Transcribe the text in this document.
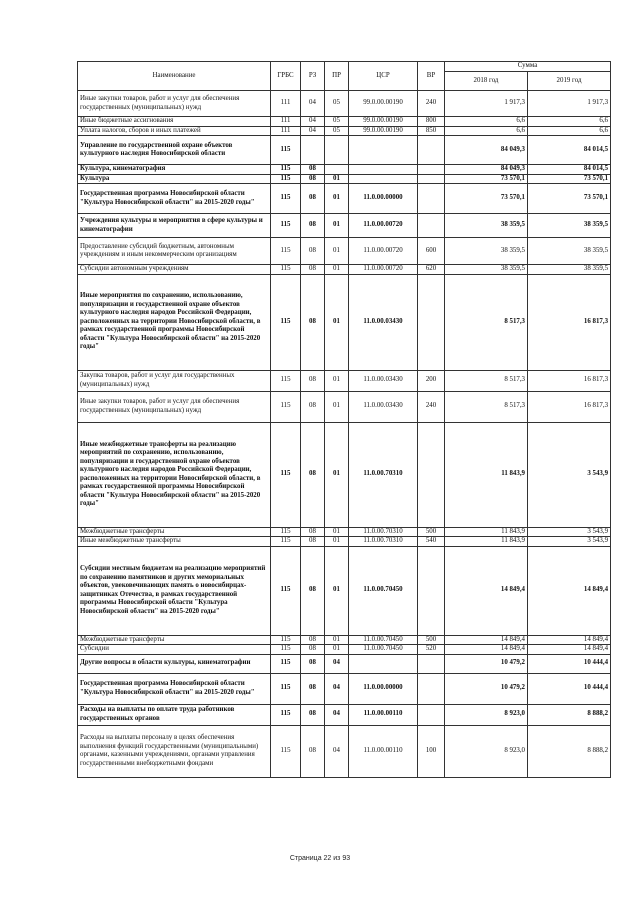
Наименование	ГРБС	РЗ	ПР	ЦСР	ВР	Сумма	
						2018 год	2019 год
Иные закупки товаров, работ и услуг для обеспечения государственных (муниципальных) нужд	111	04	05	99.0.00.00190	240	1 917,3	1 917,3
Иные бюджетные ассигнования	111	04	05	99.0.00.00190	800	6,6	6,6
Уплата налогов, сборов и иных платежей	111	04	05	99.0.00.00190	850	6,6	6,6
Управление по государственной охране объектов культурного наследия Новосибирской области	115					84 049,3	84 014,5
Культура, кинематография	115	08				84 049,3	84 014,5
Культура	115	08	01			73 570,1	73 570,1
Государственная программа Новосибирской области "Культура Новосибирской области" на 2015-2020 годы"	115	08	01	11.0.00.00000		73 570,1	73 570,1
Учреждения культуры и мероприятия в сфере культуры и кинематографии	115	08	01	11.0.00.00720		38 359,5	38 359,5
Предоставление субсидий бюджетным, автономным учреждениям и иным некоммерческим организациям	115	08	01	11.0.00.00720	600	38 359,5	38 359,5
Субсидии автономным учреждениям	115	08	01	11.0.00.00720	620	38 359,5	38 359,5
Иные мероприятия по сохранению, использованию, популяризации и государственной охране объектов культурного наследия народов Российской Федерации, расположенных на территории Новосибирской области, в рамках государственной программы Новосибирской области "Культура Новосибирской области" на 2015-2020 годы"	115	08	01	11.0.00.03430		8 517,3	16 817,3
Закупка товаров, работ и услуг для государственных (муниципальных) нужд	115	08	01	11.0.00.03430	200	8 517,3	16 817,3
Иные закупки товаров, работ и услуг для обеспечения государственных (муниципальных) нужд	115	08	01	11.0.00.03430	240	8 517,3	16 817,3
Иные межбюджетные трансферты на реализацию мероприятий по сохранению, использованию, популяризации и государственной охране объектов культурного наследия народов Российской Федерации, расположенных на территории Новосибирской области, в рамках государственной программы Новосибирской области "Культура Новосибирской области" на 2015-2020 годы"	115	08	01	11.0.00.70310		11 843,9	3 543,9
Межбюджетные трансферты	115	08	01	11.0.00.70310	500	11 843,9	3 543,9
Иные межбюджетные трансферты	115	08	01	11.0.00.70310	540	11 843,9	3 543,9
Субсидии местным бюджетам на реализацию мероприятий по сохранению памятников и других мемориальных объектов, увековечивающих память о новосибирцах-защитниках Отечества, в рамках государственной программы Новосибирской области "Культура Новосибирской области" на 2015-2020 годы"	115	08	01	11.0.00.70450		14 849,4	14 849,4
Межбюджетные трансферты	115	08	01	11.0.00.70450	500	14 849,4	14 849,4
Субсидии	115	08	01	11.0.00.70450	520	14 849,4	14 849,4
Другие вопросы в области культуры, кинематографии	115	08	04			10 479,2	10 444,4
Государственная программа Новосибирской области "Культура Новосибирской области" на 2015-2020 годы"	115	08	04	11.0.00.00000		10 479,2	10 444,4
Расходы на выплаты по оплате труда работников государственных органов	115	08	04	11.0.00.00110		8 923,0	8 888,2
Расходы на выплаты персоналу в целях обеспечения выполнения функций государственными (муниципальными) органами, казенными учреждениями, органами управления государственными внебюджетными фондами	115	08	04	11.0.00.00110	100	8 923,0	8 888,2
Страница 22 из 93
